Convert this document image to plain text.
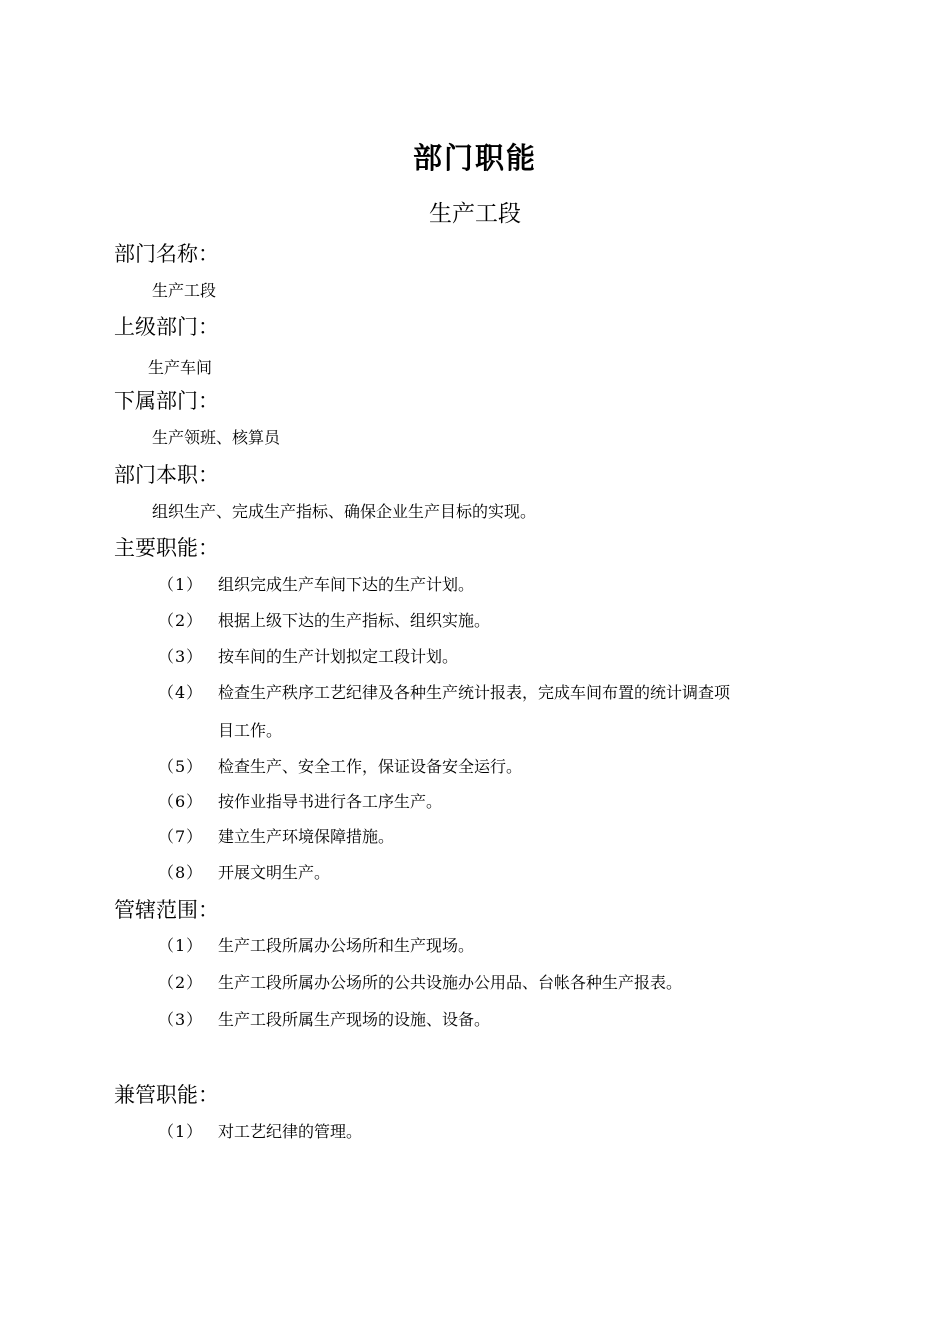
部门职能
生产工段
部门名称：
生产工段
上级部门：
生产车间
下属部门：
生产领班、核算员
部门本职：
组织生产、完成生产指标、确保企业生产目标的实现。
主要职能：
（1） 组织完成生产车间下达的生产计划。
（2） 根据上级下达的生产指标、组织实施。
（3） 按车间的生产计划拟定工段计划。
（4） 检查生产秩序工艺纪律及各种生产统计报表，完成车间布置的统计调查项
目工作。
（5） 检查生产、安全工作，保证设备安全运行。
（6） 按作业指导书进行各工序生产。
（7） 建立生产环境保障措施。
（8） 开展文明生产。
管辖范围：
（1） 生产工段所属办公场所和生产现场。
（2） 生产工段所属办公场所的公共设施办公用品、台帐各种生产报表。
（3） 生产工段所属生产现场的设施、设备。
兼管职能：
（1） 对工艺纪律的管理。
